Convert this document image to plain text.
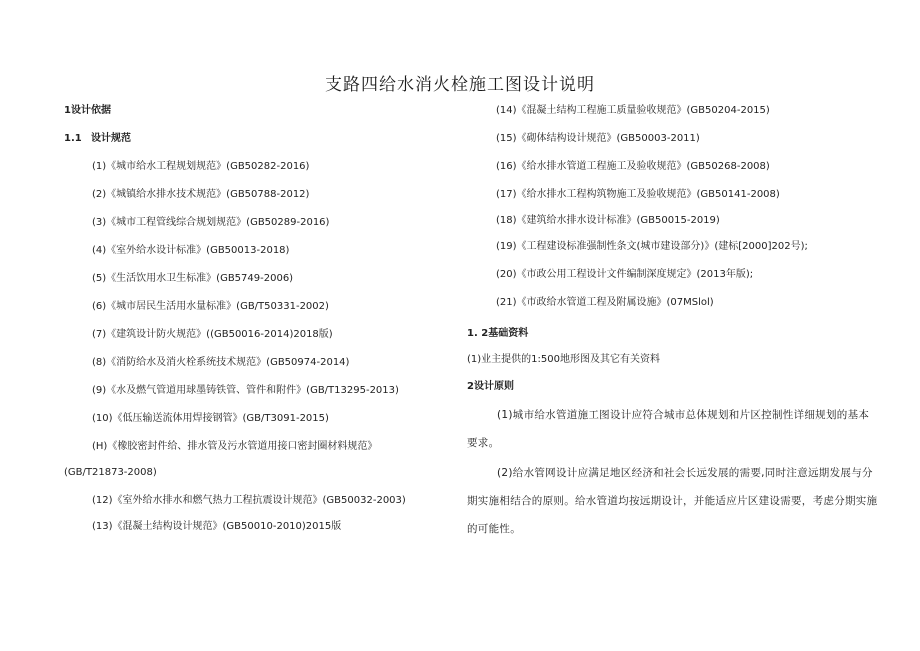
支路四给水消火栓施工图设计说明
1设计依据
1.1 设计规范
(1)《城市给水工程规划规范》(GB50282-2016)
(2)《城镇给水排水技术规范》(GB50788-2012)
(3)《城市工程管线综合规划规范》(GB50289-2016)
(4)《室外给水设计标准》(GB50013-2018)
(5)《生活饮用水卫生标准》(GB5749-2006)
(6)《城市居民生活用水量标准》(GB/T50331-2002)
(7)《建筑设计防火规范》((GB50016-2014)2018版)
(8)《消防给水及消火栓系统技术规范》(GB50974-2014)
(9)《水及燃气管道用球墨铸铁管、管件和附件》(GB/T13295-2013)
(10)《低压输送流体用焊接钢管》(GB/T3091-2015)
(H)《橡胶密封件给、排水管及污水管道用接口密封圈材料规范》
(GB/T21873-2008)
(12)《室外给水排水和燃气热力工程抗震设计规范》(GB50032-2003)
(13)《混凝土结构设计规范》(GB50010-2010)2015版
(14)《混凝土结构工程施工质量验收规范》(GB50204-2015)
(15)《砌体结构设计规范》(GB50003-2011)
(16)《给水排水管道工程施工及验收规范》(GB50268-2008)
(17)《给水排水工程构筑物施工及验收规范》(GB50141-2008)
(18)《建筑给水排水设计标准》(GB50015-2019)
(19)《工程建设标准强制性条文(城市建设部分)》(建标[2000]202号);
(20)《市政公用工程设计文件编制深度规定》(2013年版);
(21)《市政给水管道工程及附属设施》(07MSlol)
1. 2基础资料
(1)业主提供的1:500地形图及其它有关资料
2设计原则
(1)城市给水管道施工图设计应符合城市总体规划和片区控制性详细规划的基本
要求。
(2)给水管网设计应满足地区经济和社会长远发展的需要,同时注意远期发展与分
期实施相结合的原则。给水管道均按远期设计，并能适应片区建设需要，考虑分期实施
的可能性。
